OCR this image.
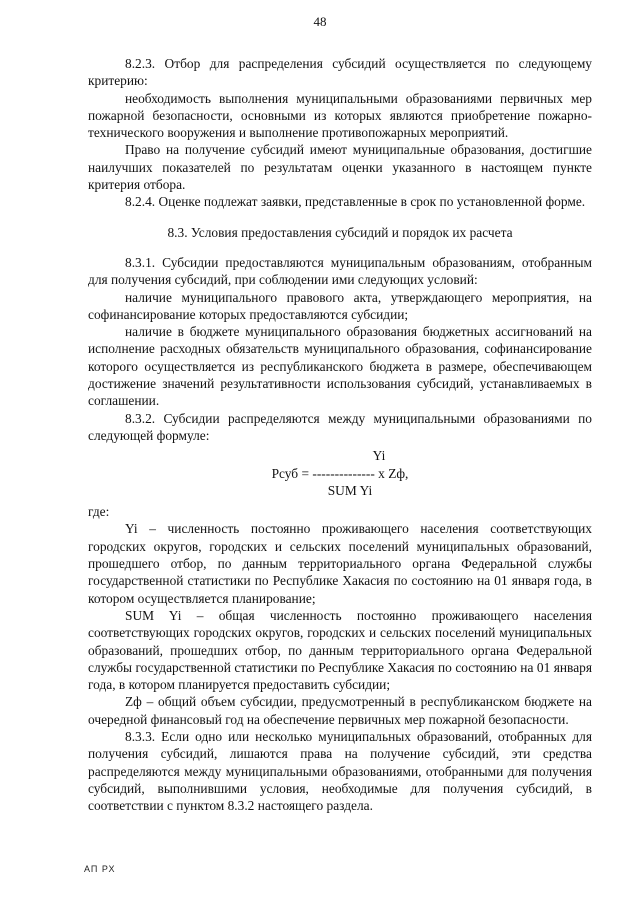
48

8.2.3. Отбор для распределения субсидий осуществляется по следующему критерию:

необходимость выполнения муниципальными образованиями первичных мер пожарной безопасности, основными из которых являются приобретение пожарно-технического вооружения и выполнение противопожарных мероприятий.

Право на получение субсидий имеют муниципальные образования, достигшие наилучших показателей по результатам оценки указанного в настоящем пункте критерия отбора.

8.2.4. Оценке подлежат заявки, представленные в срок по установленной форме.

8.3. Условия предоставления субсидий и порядок их расчета

8.3.1. Субсидии предоставляются муниципальным образованиям, отобранным для получения субсидий, при соблюдении ими следующих условий:

наличие муниципального правового акта, утверждающего мероприятия, на софинансирование которых предоставляются субсидии;

наличие в бюджете муниципального образования бюджетных ассигнований на исполнение расходных обязательств муниципального образования, софинансирование которого осуществляется из республиканского бюджета в размере, обеспечивающем достижение значений результативности использования субсидий, устанавливаемых в соглашении.

8.3.2. Субсидии распределяются между муниципальными образованиями по следующей формуле:

Yi
Рсуб = -------------- x Zф,
SUM Yi

где:

Yi – численность постоянно проживающего населения соответствующих городских округов, городских и сельских поселений муниципальных образований, прошедшего отбор, по данным территориального органа Федеральной службы государственной статистики по Республике Хакасия по состоянию на 01 января года, в котором осуществляется планирование;

SUM Yi – общая численность постоянно проживающего населения соответствующих городских округов, городских и сельских поселений муниципальных образований, прошедших отбор, по данным территориального органа Федеральной службы государственной статистики по Республике Хакасия по состоянию на 01 января года, в котором планируется предоставить субсидии;

Zф – общий объем субсидии, предусмотренный в республиканском бюджете на очередной финансовый год на обеспечение первичных мер пожарной безопасности.

8.3.3. Если одно или несколько муниципальных образований, отобранных для получения субсидий, лишаются права на получение субсидий, эти средства распределяются между муниципальными образованиями, отобранными для получения субсидий, выполнившими условия, необходимые для получения субсидий, в соответствии с пунктом 8.3.2 настоящего раздела.

АП РХ
